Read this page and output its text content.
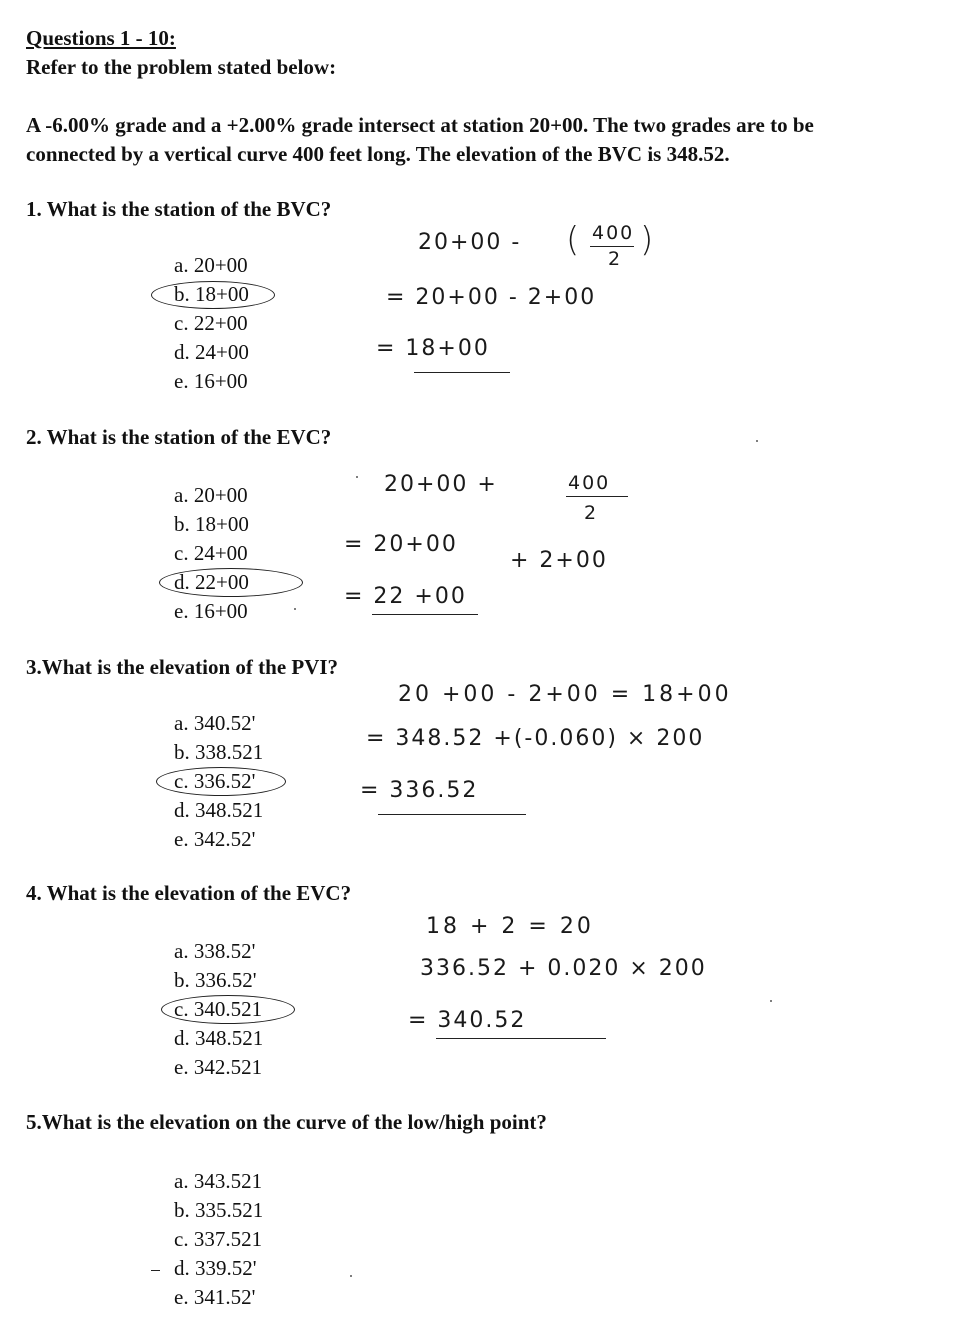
Questions 1 - 10:
Refer to the problem stated below:
A -6.00% grade and a +2.00% grade intersect at station 20+00. The two grades are to be
connected by a vertical curve 400 feet long. The elevation of the BVC is 348.52.
1. What is the station of the BVC?
a. 20+00
b. 18+00
c. 22+00
d. 24+00
e. 16+00
20+00 - ( 400
2 )
= 20+00 - 2+00
= 18+00
2. What is the station of the EVC?
a. 20+00
b. 18+00
c. 24+00
d. 22+00
e. 16+00
20+00 +	400
2
= 20+00
+ 2+00
= 22 +00
3.What is the elevation of the PVI?
a. 340.52'
b. 338.521
c. 336.52'
d. 348.521
e. 342.52'
20 +00 - 2+00 = 18+00
= 348.52 +(-0.060) × 200
= 336.52
4. What is the elevation of the EVC?
a. 338.52'
b. 336.52'
c. 340.521
d. 348.521
e. 342.521
18 + 2 = 20
336.52 + 0.020 × 200
= 340.52
5.What is the elevation on the curve of the low/high point?
a. 343.521
b. 335.521
c. 337.521
d. 339.52'
e. 341.52'
